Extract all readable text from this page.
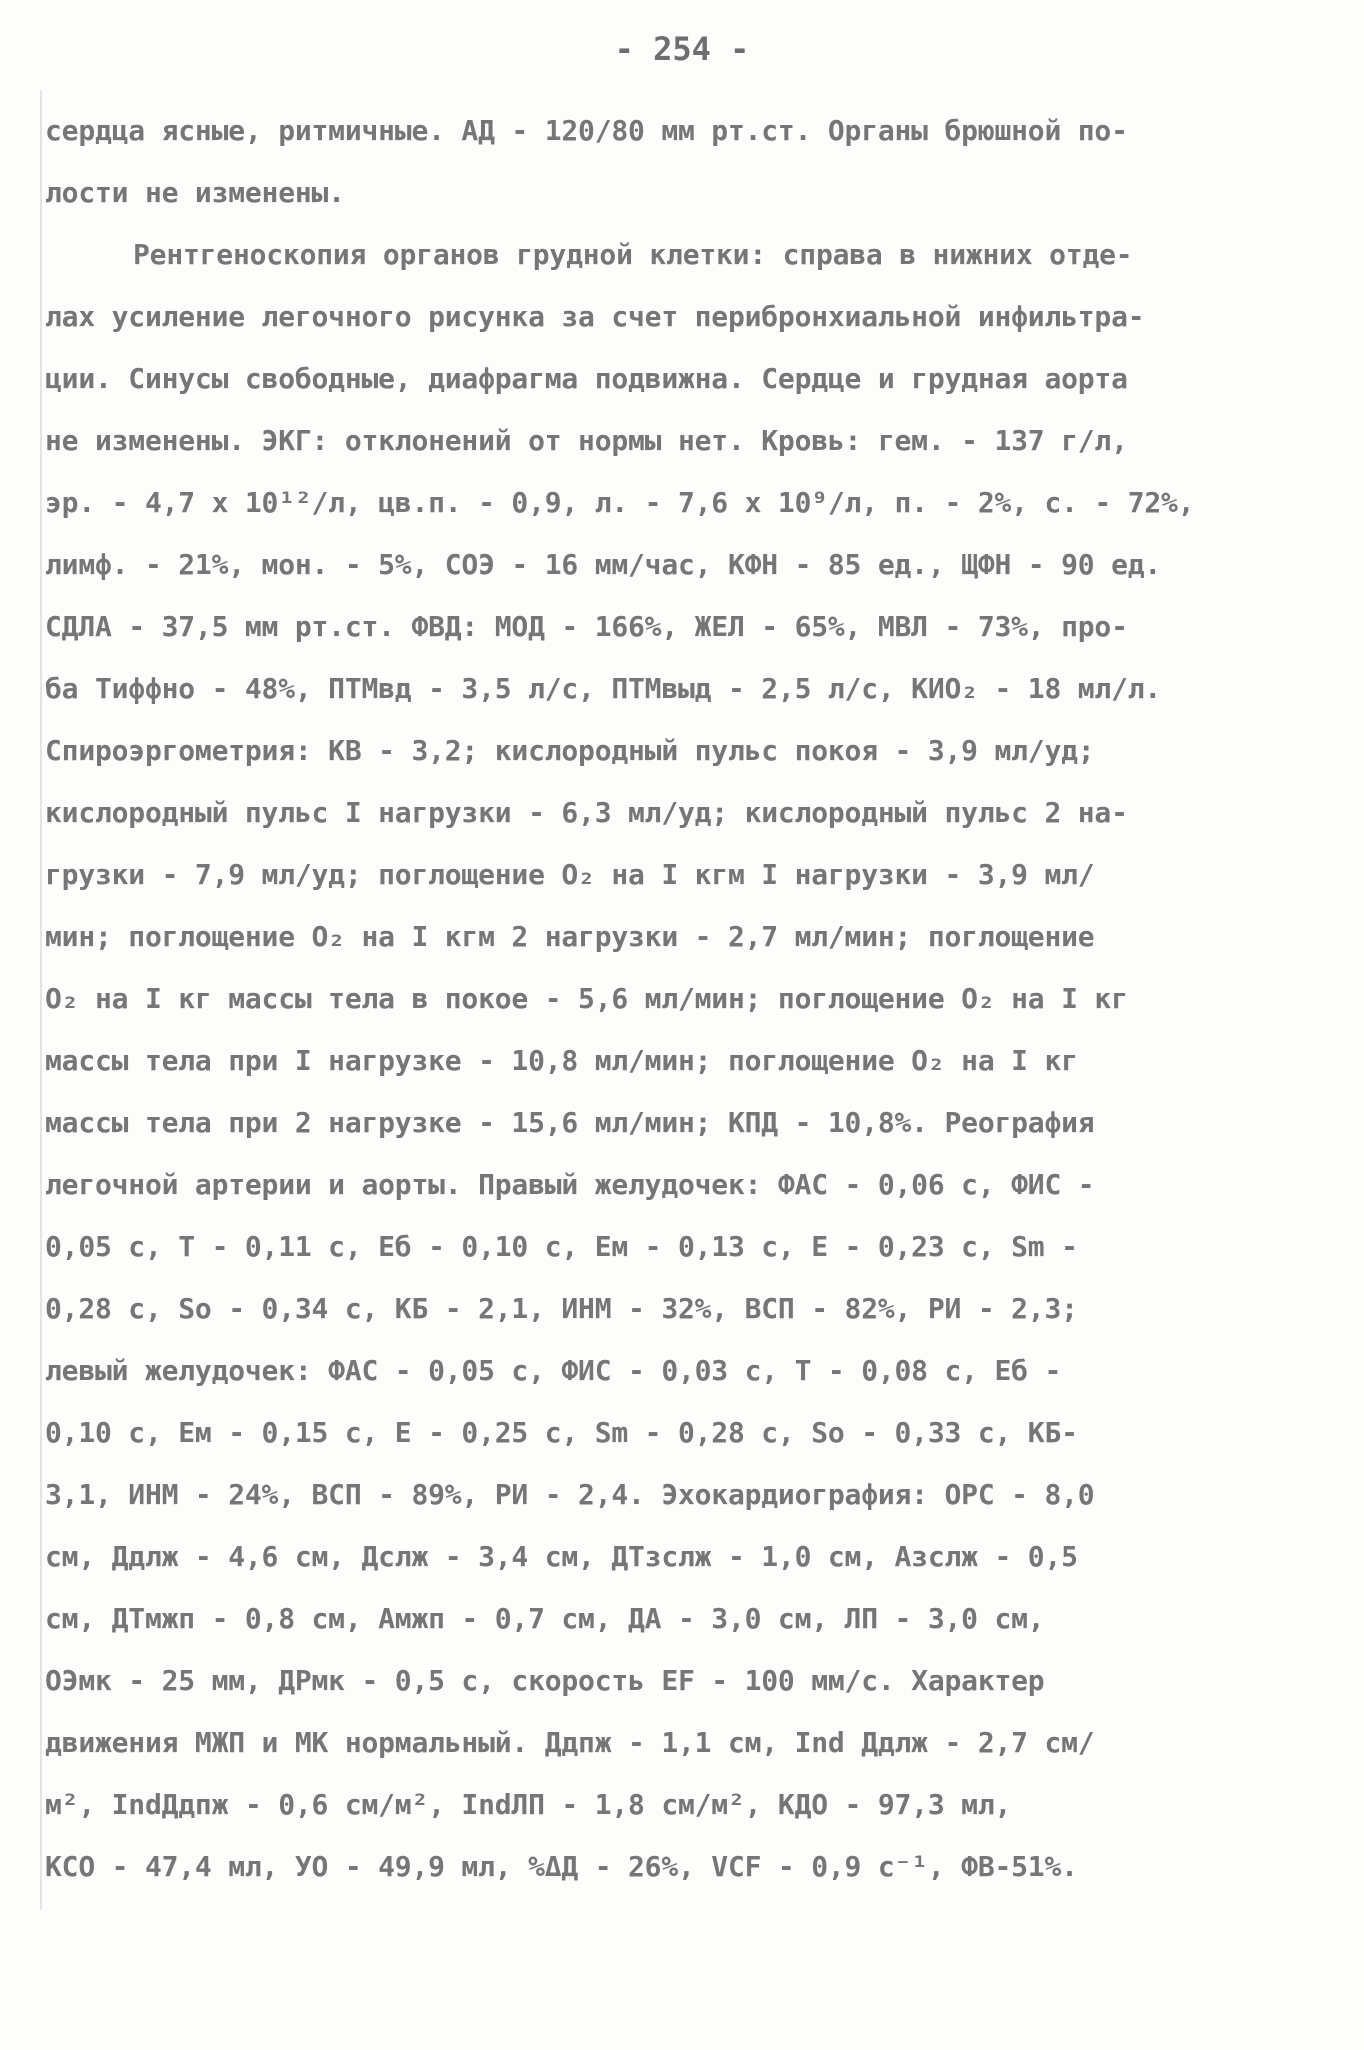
- 254 -
сердца ясные, ритмичные. АД - 120/80 мм рт.ст. Органы брюшной по-
лости не изменены.
Рентгеноскопия органов грудной клетки: справа в нижних отде-
лах усиление легочного рисунка за счет перибронхиальной инфильтра-
ции. Синусы свободные, диафрагма подвижна. Сердце и грудная аорта
не изменены. ЭКГ: отклонений от нормы нет. Кровь: гем. - 137 г/л,
эр. - 4,7 х 10¹²/л, цв.п. - 0,9, л. - 7,6 х 10⁹/л, п. - 2%, с. - 72%,
лимф. - 21%, мон. - 5%, СОЭ - 16 мм/час, КФН - 85 ед., ЩФН - 90 ед.
СДЛА - 37,5 мм рт.ст. ФВД: МОД - 166%, ЖЕЛ - 65%, МВЛ - 73%, про-
ба Тиффно - 48%, ПТМвд - 3,5 л/с, ПТМвыд - 2,5 л/с, КИО₂ - 18 мл/л.
Спироэргометрия: КВ - 3,2; кислородный пульс покоя - 3,9 мл/уд;
кислородный пульс I нагрузки - 6,3 мл/уд; кислородный пульс 2 на-
грузки - 7,9 мл/уд; поглощение О₂ на I кгм I нагрузки - 3,9 мл/
мин; поглощение О₂ на I кгм 2 нагрузки - 2,7 мл/мин; поглощение
О₂ на I кг массы тела в покое - 5,6 мл/мин; поглощение О₂ на I кг
массы тела при I нагрузке - 10,8 мл/мин; поглощение О₂ на I кг
массы тела при 2 нагрузке - 15,6 мл/мин; КПД - 10,8%. Реография
легочной артерии и аорты. Правый желудочек: ФАС - 0,06 с, ФИС -
0,05 с, Т - 0,11 с, Еб - 0,10 с, Ем - 0,13 с, Е - 0,23 с, Sm -
0,28 с, So - 0,34 с, КБ - 2,1, ИНМ - 32%, ВСП - 82%, РИ - 2,3;
левый желудочек: ФАС - 0,05 с, ФИС - 0,03 с, Т - 0,08 с, Еб -
0,10 с, Ем - 0,15 с, Е - 0,25 с, Sm - 0,28 с, So - 0,33 с, КБ-
3,1, ИНМ - 24%, ВСП - 89%, РИ - 2,4. Эхокардиография: ОРС - 8,0
см, Ддлж - 4,6 см, Дслж - 3,4 см, ДТзслж - 1,0 см, Азслж - 0,5
см, ДТмжп - 0,8 см, Амжп - 0,7 см, ДА - 3,0 см, ЛП - 3,0 см,
ОЭмк - 25 мм, ДРмк - 0,5 с, скорость EF - 100 мм/с. Характер
движения МЖП и МК нормальный. Ддпж - 1,1 см, Ind Ддлж - 2,7 см/
м², IndДдпж - 0,6 см/м², IndЛП - 1,8 см/м², КДО - 97,3 мл,
КСО - 47,4 мл, УО - 49,9 мл, %ΔД - 26%, VCF - 0,9 с⁻¹, ФВ-51%.
